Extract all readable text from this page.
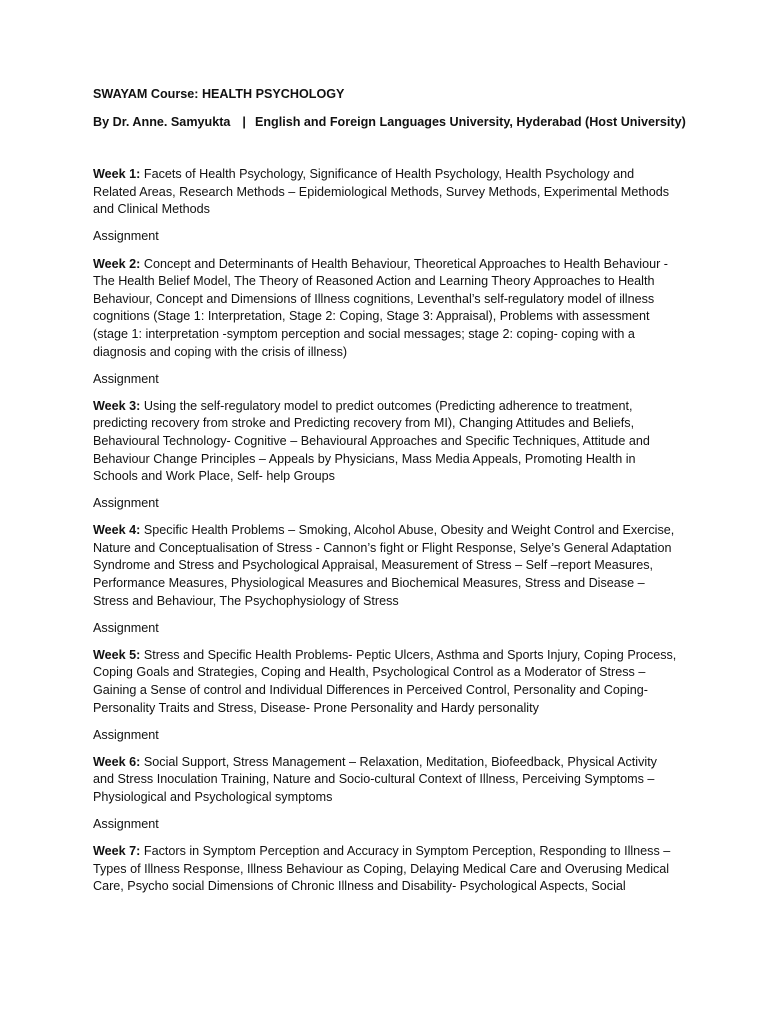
SWAYAM Course: HEALTH PSYCHOLOGY

By Dr. Anne. Samyukta | English and Foreign Languages University, Hyderabad (Host University)

Week 1: Facets of Health Psychology, Significance of Health Psychology, Health Psychology and Related Areas, Research Methods – Epidemiological Methods, Survey Methods, Experimental Methods and Clinical Methods

Assignment

Week 2: Concept and Determinants of Health Behaviour, Theoretical Approaches to Health Behaviour - The Health Belief Model, The Theory of Reasoned Action and Learning Theory Approaches to Health Behaviour, Concept and Dimensions of Illness cognitions, Leventhal’s self-regulatory model of illness cognitions (Stage 1: Interpretation, Stage 2: Coping, Stage 3: Appraisal), Problems with assessment (stage 1: interpretation -symptom perception and social messages; stage 2: coping- coping with a diagnosis and coping with the crisis of illness)

Assignment

Week 3: Using the self-regulatory model to predict outcomes (Predicting adherence to treatment, predicting recovery from stroke and Predicting recovery from MI), Changing Attitudes and Beliefs, Behavioural Technology- Cognitive – Behavioural Approaches and Specific Techniques, Attitude and Behaviour Change Principles – Appeals by Physicians, Mass Media Appeals, Promoting Health in Schools and Work Place, Self- help Groups

Assignment

Week 4: Specific Health Problems – Smoking, Alcohol Abuse, Obesity and Weight Control and Exercise, Nature and Conceptualisation of Stress - Cannon’s fight or Flight Response, Selye’s General Adaptation Syndrome and Stress and Psychological Appraisal, Measurement of Stress – Self –report Measures, Performance Measures, Physiological Measures and Biochemical Measures, Stress and Disease – Stress and Behaviour, The Psychophysiology of Stress

Assignment

Week 5: Stress and Specific Health Problems- Peptic Ulcers, Asthma and Sports Injury, Coping Process, Coping Goals and Strategies, Coping and Health, Psychological Control as a Moderator of Stress – Gaining a Sense of control and Individual Differences in Perceived Control, Personality and Coping- Personality Traits and Stress, Disease- Prone Personality and Hardy personality

Assignment

Week 6: Social Support, Stress Management – Relaxation, Meditation, Biofeedback, Physical Activity and Stress Inoculation Training, Nature and Socio-cultural Context of Illness, Perceiving Symptoms – Physiological and Psychological symptoms

Assignment

Week 7: Factors in Symptom Perception and Accuracy in Symptom Perception, Responding to Illness – Types of Illness Response, Illness Behaviour as Coping, Delaying Medical Care and Overusing Medical Care, Psycho social Dimensions of Chronic Illness and Disability- Psychological Aspects, Social
